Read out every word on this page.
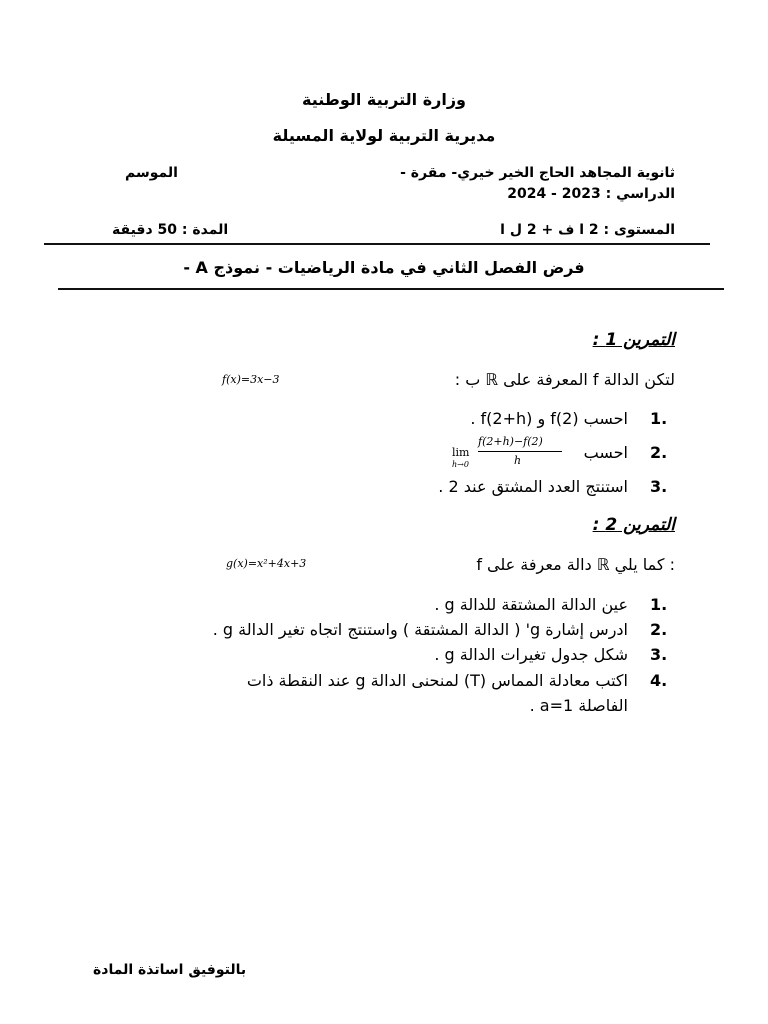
وزارة التربية الوطنية
مديرية التربية لولاية المسيلة
ثانوية المجاهد الحاج الخير خيري- مقرة -
الموسم
الدراسي : 2023 - 2024
المستوى : 2 ا ف + 2 ل ا
المدة : 50 دقيقة
فرض الفصل الثاني في مادة الرياضيات - نموذج A -
التمرين 1 :
لتكن الدالة f المعرفة على ℝ ب :
f(x)=3x−3
1.
احسب f(2) و f(2+h) .
2.
احسب
lim
h→0
f(2+h)−f(2)
h
3.
استنتج العدد المشتق عند 2 .
التمرين 2 :
f دالة معرفة على ℝ كما يلي :
g(x)=x²+4x+3
1.
عين الدالة المشتقة للدالة g .
2.
ادرس إشارة g' ( الدالة المشتقة ) واستنتج اتجاه تغير الدالة g .
3.
شكل جدول تغيرات الدالة g .
4.
اكتب معادلة المماس (T) لمنحنى الدالة g عند النقطة ذات
الفاصلة a=1 .
بالتوفيق اساتذة المادة
